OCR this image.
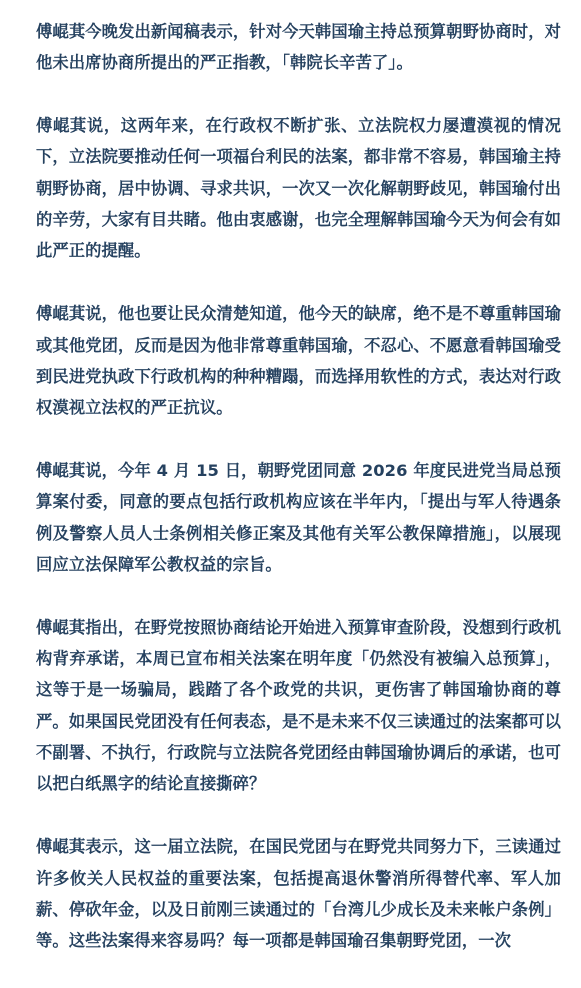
傅崐萁今晚发出新闻稿表示，针对今天韩国瑜主持总预算朝野协商时，对他未出席协商所提出的严正指教，「韩院长辛苦了」。

傅崐萁说，这两年来，在行政权不断扩张、立法院权力屡遭漠视的情况下，立法院要推动任何一项福台利民的法案，都非常不容易，韩国瑜主持朝野协商，居中协调、寻求共识，一次又一次化解朝野歧见，韩国瑜付出的辛劳，大家有目共睹。他由衷感谢，也完全理解韩国瑜今天为何会有如此严正的提醒。

傅崐萁说，他也要让民众清楚知道，他今天的缺席，绝不是不尊重韩国瑜或其他党团，反而是因为他非常尊重韩国瑜，不忍心、不愿意看韩国瑜受到民进党执政下行政机构的种种糟蹋，而选择用软性的方式，表达对行政权漠视立法权的严正抗议。

傅崐萁说，今年 4 月 15 日，朝野党团同意 2026 年度民进党当局总预算案付委，同意的要点包括行政机构应该在半年内，「提出与军人待遇条例及警察人员人士条例相关修正案及其他有关军公教保障措施」，以展现回应立法保障军公教权益的宗旨。

傅崐萁指出，在野党按照协商结论开始进入预算审查阶段，没想到行政机构背弃承诺，本周已宣布相关法案在明年度「仍然没有被编入总预算」，这等于是一场骗局，践踏了各个政党的共识，更伤害了韩国瑜协商的尊严。如果国民党团没有任何表态，是不是未来不仅三读通过的法案都可以不副署、不执行，行政院与立法院各党团经由韩国瑜协调后的承诺，也可以把白纸黑字的结论直接撕碎？

傅崐萁表示，这一届立法院，在国民党团与在野党共同努力下，三读通过许多攸关人民权益的重要法案，包括提高退休警消所得替代率、军人加薪、停砍年金，以及日前刚三读通过的「台湾儿少成长及未来帐户条例」等。这些法案得来容易吗？每一项都是韩国瑜召集朝野党团，一次
